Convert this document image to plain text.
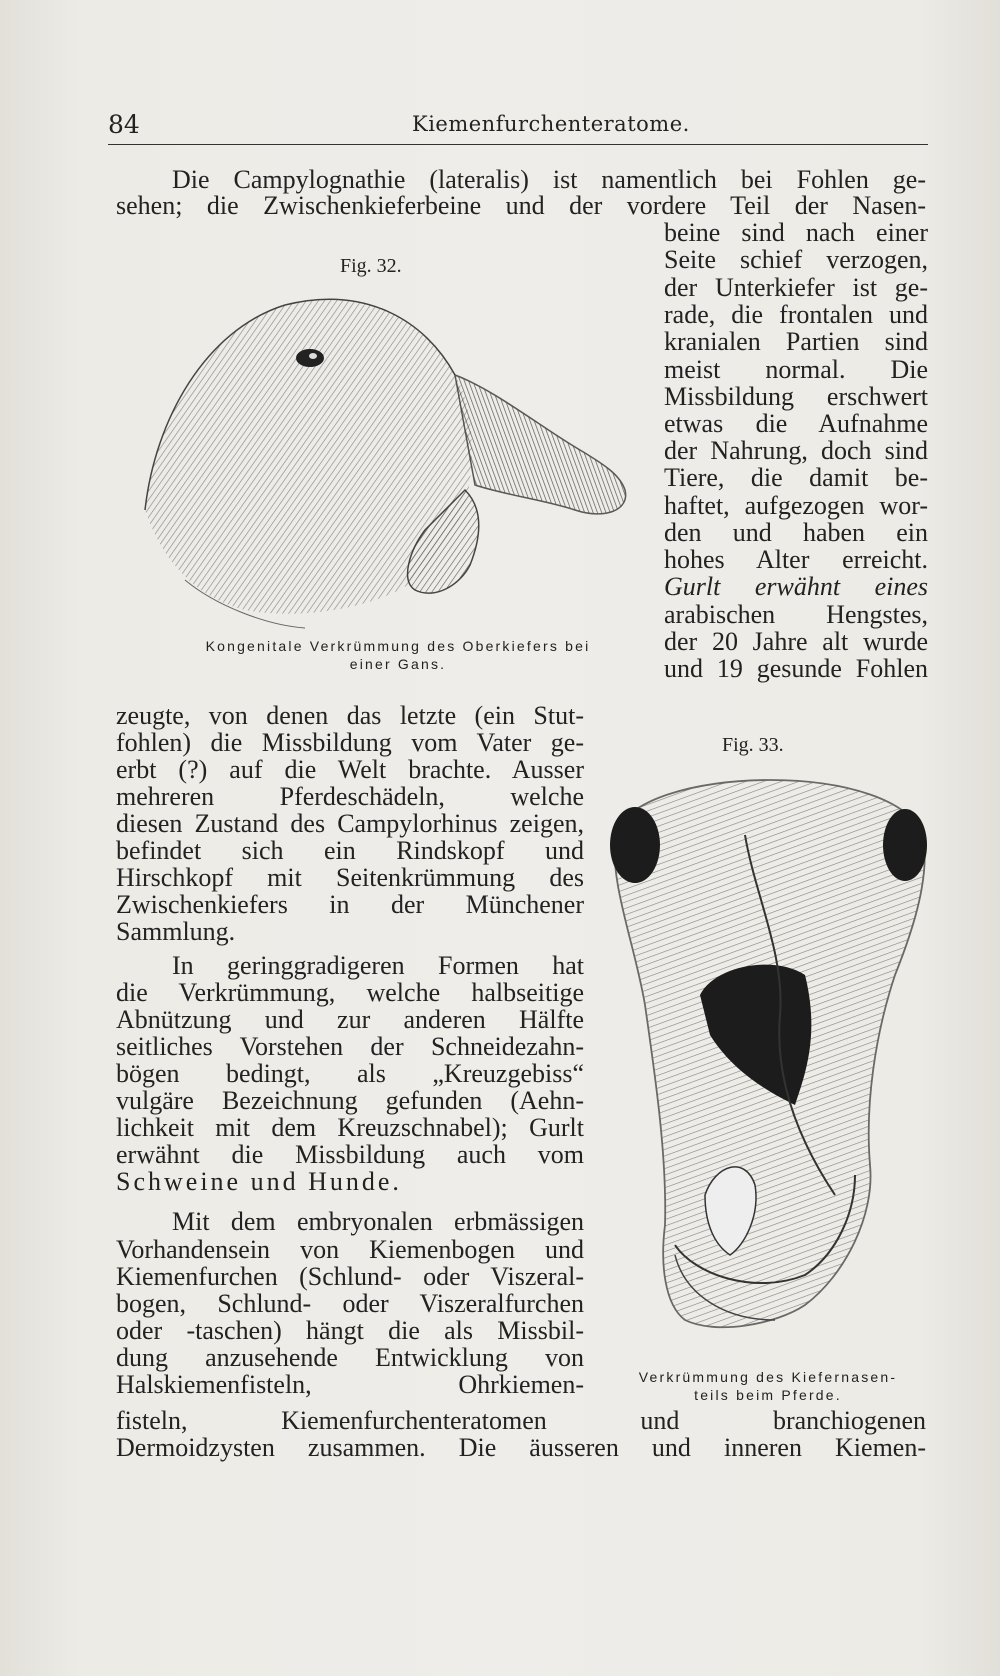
84	Kiemenfurchenteratome.
Die Campylognathie (lateralis) ist namentlich bei Fohlen ge-
sehen; die Zwischenkieferbeine und der vordere Teil der Nasen-
beine sind nach einer
Seite schief verzogen,
der Unterkiefer ist ge-
rade, die frontalen und
kranialen Partien sind
meist normal. Die
Missbildung erschwert
etwas die Aufnahme
der Nahrung, doch sind
Tiere, die damit be-
haftet, aufgezogen wor-
den und haben ein
hohes Alter erreicht.
Gurlt erwähnt eines
arabischen Hengstes,
der 20 Jahre alt wurde
und 19 gesunde Fohlen
zeugte, von denen das letzte (ein Stut-
fohlen) die Missbildung vom Vater ge-
erbt (?) auf die Welt brachte. Ausser
mehreren Pferdeschädeln, welche
diesen Zustand des Campylorhinus zeigen,
befindet sich ein Rindskopf und
Hirschkopf mit Seitenkrümmung des
Zwischenkiefers in der Münchener
Sammlung.
In geringgradigeren Formen hat
die Verkrümmung, welche halbseitige
Abnützung und zur anderen Hälfte
seitliches Vorstehen der Schneidezahn-
bögen bedingt, als „Kreuzgebiss“
vulgäre Bezeichnung gefunden (Aehn-
lichkeit mit dem Kreuzschnabel); Gurlt
erwähnt die Missbildung auch vom
Schweine und Hunde.
Mit dem embryonalen erbmässigen
Vorhandensein von Kiemenbogen und
Kiemenfurchen (Schlund- oder Viszeral-
bogen, Schlund- oder Viszeralfurchen
oder -taschen) hängt die als Missbil-
dung anzusehende Entwicklung von
Halskiemenfisteln, Ohrkiemen-
fisteln, Kiemenfurchenteratomen und branchiogenen
Dermoidzysten zusammen. Die äusseren und inneren Kiemen-
Fig. 32.
Kongenitale Verkrümmung des Oberkiefers bei
einer Gans.
Fig. 33.
Verkrümmung des Kiefernasen-
teils beim Pferde.
